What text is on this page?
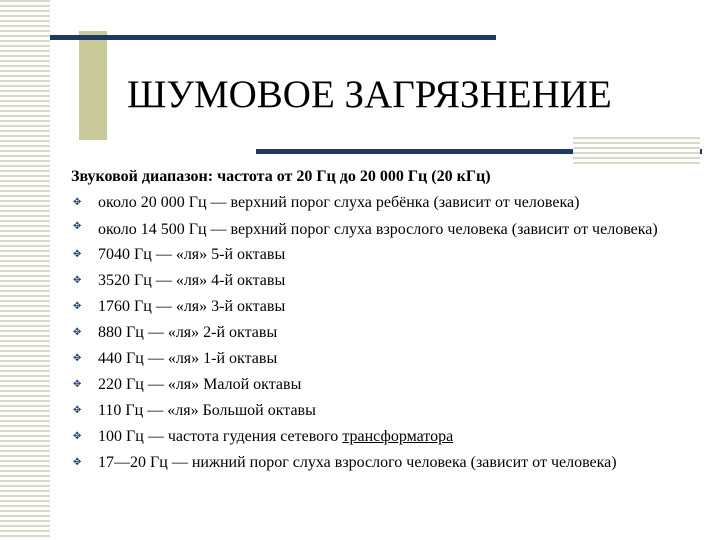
ШУМОВОЕ ЗАГРЯЗНЕНИЕ

Звуковой диапазон: частота от 20 Гц до 20 000 Гц (20 кГц)

✥ около 20 000 Гц — верхний порог слуха ребёнка (зависит от человека)
✥ около 14 500 Гц — верхний порог слуха взрослого человека (зависит от человека)
✥ 7040 Гц — «ля» 5-й октавы
✥ 3520 Гц — «ля» 4-й октавы
✥ 1760 Гц — «ля» 3-й октавы
✥ 880 Гц — «ля» 2-й октавы
✥ 440 Гц — «ля» 1-й октавы
✥ 220 Гц — «ля» Малой октавы
✥ 110 Гц — «ля» Большой октавы
✥ 100 Гц — частота гудения сетевого трансформатора
✥ 17—20 Гц — нижний порог слуха взрослого человека (зависит от человека)
